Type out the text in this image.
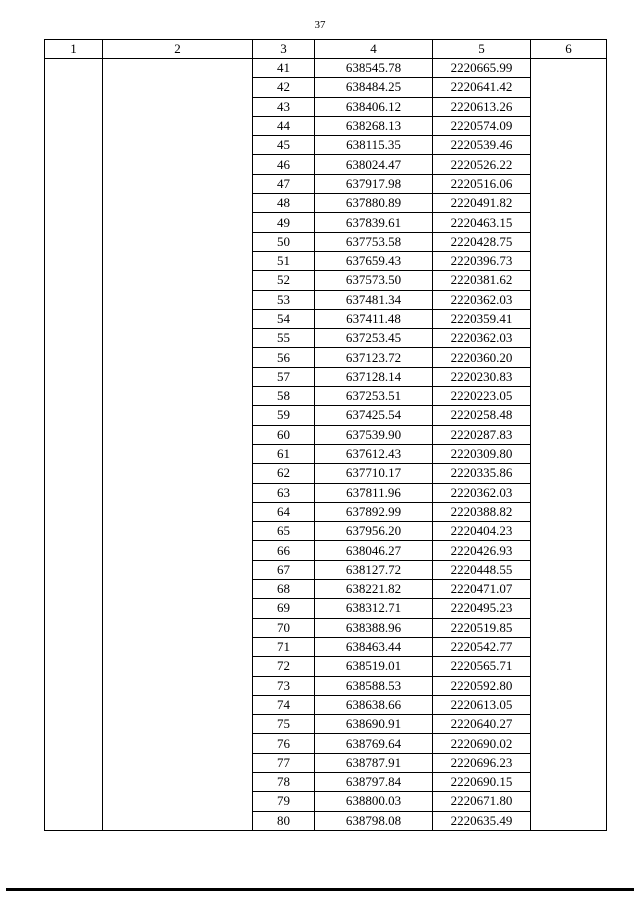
37
1	2	3	4	5	6
		41	638545.78	2220665.99	
		42	638484.25	2220641.42	
		43	638406.12	2220613.26	
		44	638268.13	2220574.09	
		45	638115.35	2220539.46	
		46	638024.47	2220526.22	
		47	637917.98	2220516.06	
		48	637880.89	2220491.82	
		49	637839.61	2220463.15	
		50	637753.58	2220428.75	
		51	637659.43	2220396.73	
		52	637573.50	2220381.62	
		53	637481.34	2220362.03	
		54	637411.48	2220359.41	
		55	637253.45	2220362.03	
		56	637123.72	2220360.20	
		57	637128.14	2220230.83	
		58	637253.51	2220223.05	
		59	637425.54	2220258.48	
		60	637539.90	2220287.83	
		61	637612.43	2220309.80	
		62	637710.17	2220335.86	
		63	637811.96	2220362.03	
		64	637892.99	2220388.82	
		65	637956.20	2220404.23	
		66	638046.27	2220426.93	
		67	638127.72	2220448.55	
		68	638221.82	2220471.07	
		69	638312.71	2220495.23	
		70	638388.96	2220519.85	
		71	638463.44	2220542.77	
		72	638519.01	2220565.71	
		73	638588.53	2220592.80	
		74	638638.66	2220613.05	
		75	638690.91	2220640.27	
		76	638769.64	2220690.02	
		77	638787.91	2220696.23	
		78	638797.84	2220690.15	
		79	638800.03	2220671.80	
		80	638798.08	2220635.49	
